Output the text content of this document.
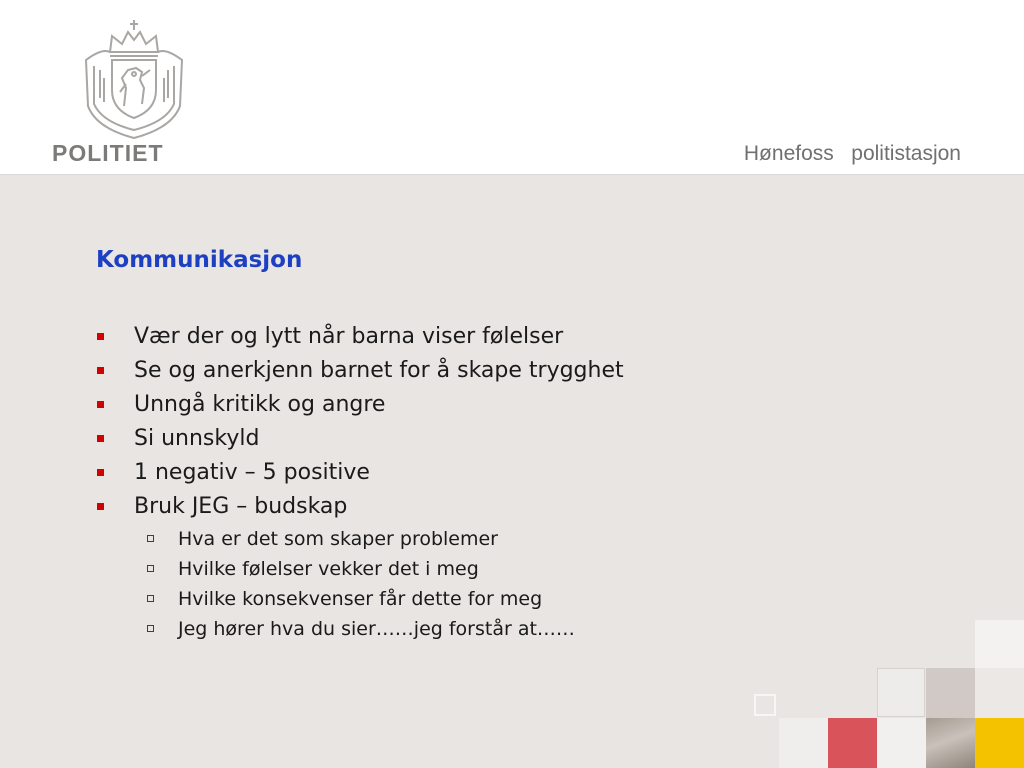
POLITIET	Hønefoss   politistasjon
Kommunikasjon
Vær der og lytt når barna viser følelser
Se og anerkjenn barnet for å skape trygghet
Unngå kritikk og angre
Si unnskyld
1 negativ – 5 positive
Bruk JEG – budskap
Hva er det som skaper problemer
Hvilke følelser vekker det i meg
Hvilke konsekvenser får dette for meg
Jeg hører hva du sier……jeg forstår at……
